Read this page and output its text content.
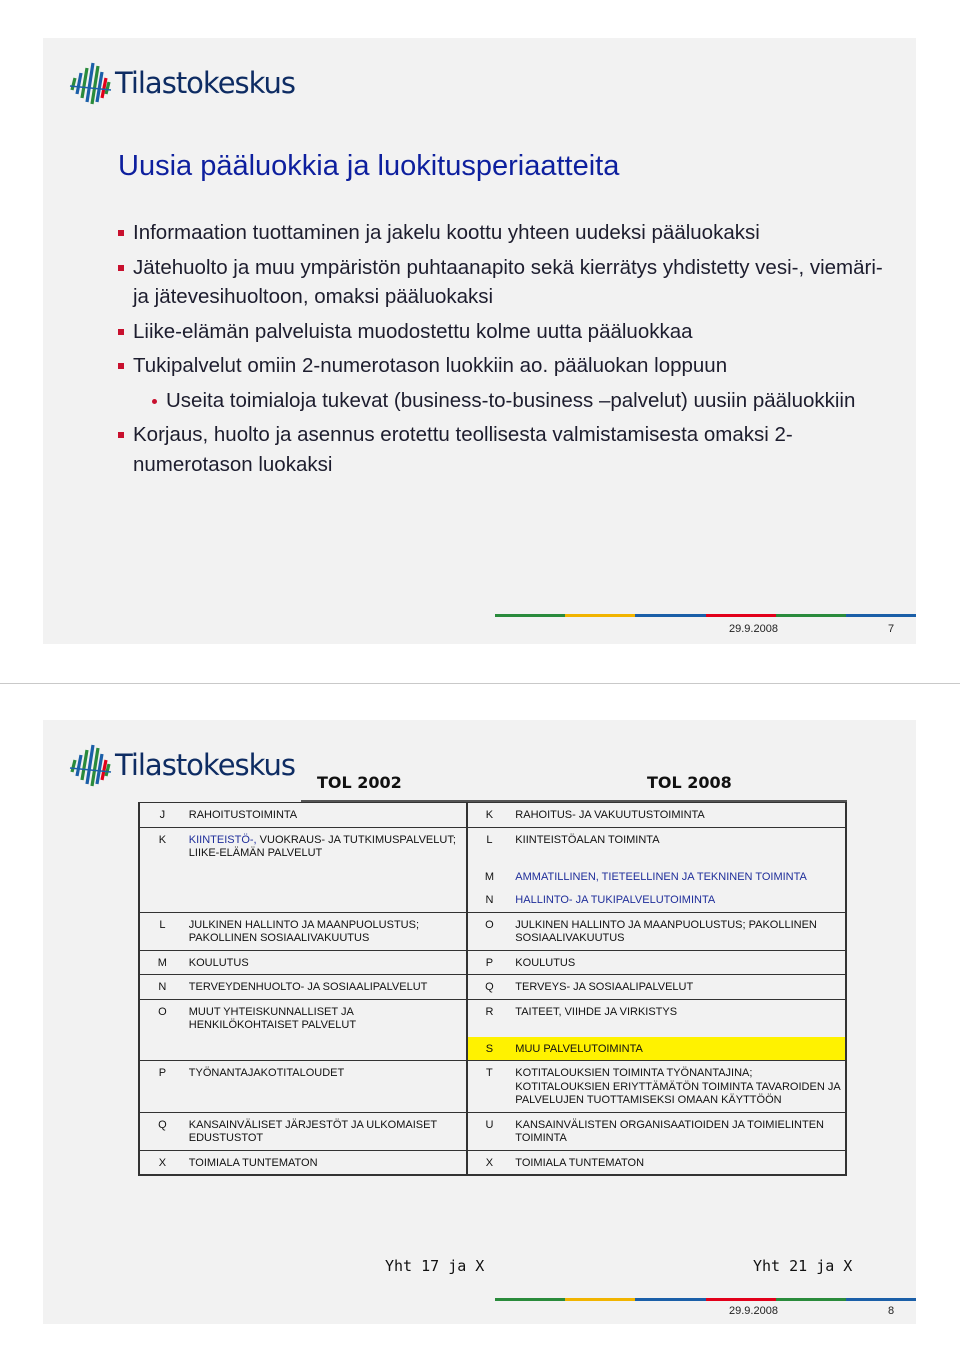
Tilastokeskus
Uusia pääluokkia ja luokitusperiaatteita
Informaation tuottaminen ja jakelu koottu yhteen uudeksi pääluokaksi
Jätehuolto ja muu ympäristön puhtaanapito sekä kierrätys yhdistetty vesi-, viemäri- ja jätevesihuoltoon, omaksi pääluokaksi
Liike-elämän palveluista muodostettu kolme uutta pääluokkaa
Tukipalvelut omiin 2-numerotason luokkiin ao. pääluokan loppuun
Useita toimialoja tukevat (business-to-business –palvelut) uusiin pääluokkiin
Korjaus, huolto ja asennus erotettu teollisesta valmistamisesta omaksi 2-numerotason luokaksi
29.9.2008	7
Tilastokeskus
TOL 2002	TOL 2008
J	RAHOITUSTOIMINTA	K	RAHOITUS- JA VAKUUTUSTOIMINTA
K	KIINTEISTÖ-, VUOKRAUS- JA TUTKIMUSPALVELUT; LIIKE-ELÄMÄN PALVELUT	L	KIINTEISTÖALAN TOIMINTA
		M	AMMATILLINEN, TIETEELLINEN JA TEKNINEN TOIMINTA
		N	HALLINTO- JA TUKIPALVELUTOIMINTA
L	JULKINEN HALLINTO JA MAANPUOLUSTUS; PAKOLLINEN SOSIAALIVAKUUTUS	O	JULKINEN HALLINTO JA MAANPUOLUSTUS; PAKOLLINEN SOSIAALIVAKUUTUS
M	KOULUTUS	P	KOULUTUS
N	TERVEYDENHUOLTO- JA SOSIAALIPALVELUT	Q	TERVEYS- JA SOSIAALIPALVELUT
O	MUUT YHTEISKUNNALLISET JA HENKILÖKOHTAISET PALVELUT	R	TAITEET, VIIHDE JA VIRKISTYS
		S	MUU PALVELUTOIMINTA
P	TYÖNANTAJAKOTITALOUDET	T	KOTITALOUKSIEN TOIMINTA TYÖNANTAJINA; KOTITALOUKSIEN ERIYTTÄMÄTÖN TOIMINTA TAVAROIDEN JA PALVELUJEN TUOTTAMISEKSI OMAAN KÄYTTÖÖN
Q	KANSAINVÄLISET JÄRJESTÖT JA ULKOMAISET EDUSTUSTOT	U	KANSAINVÄLISTEN ORGANISAATIOIDEN JA TOIMIELINTEN TOIMINTA
X	TOIMIALA TUNTEMATON	X	TOIMIALA TUNTEMATON
Yht 17 ja X	Yht 21 ja X
29.9.2008	8
